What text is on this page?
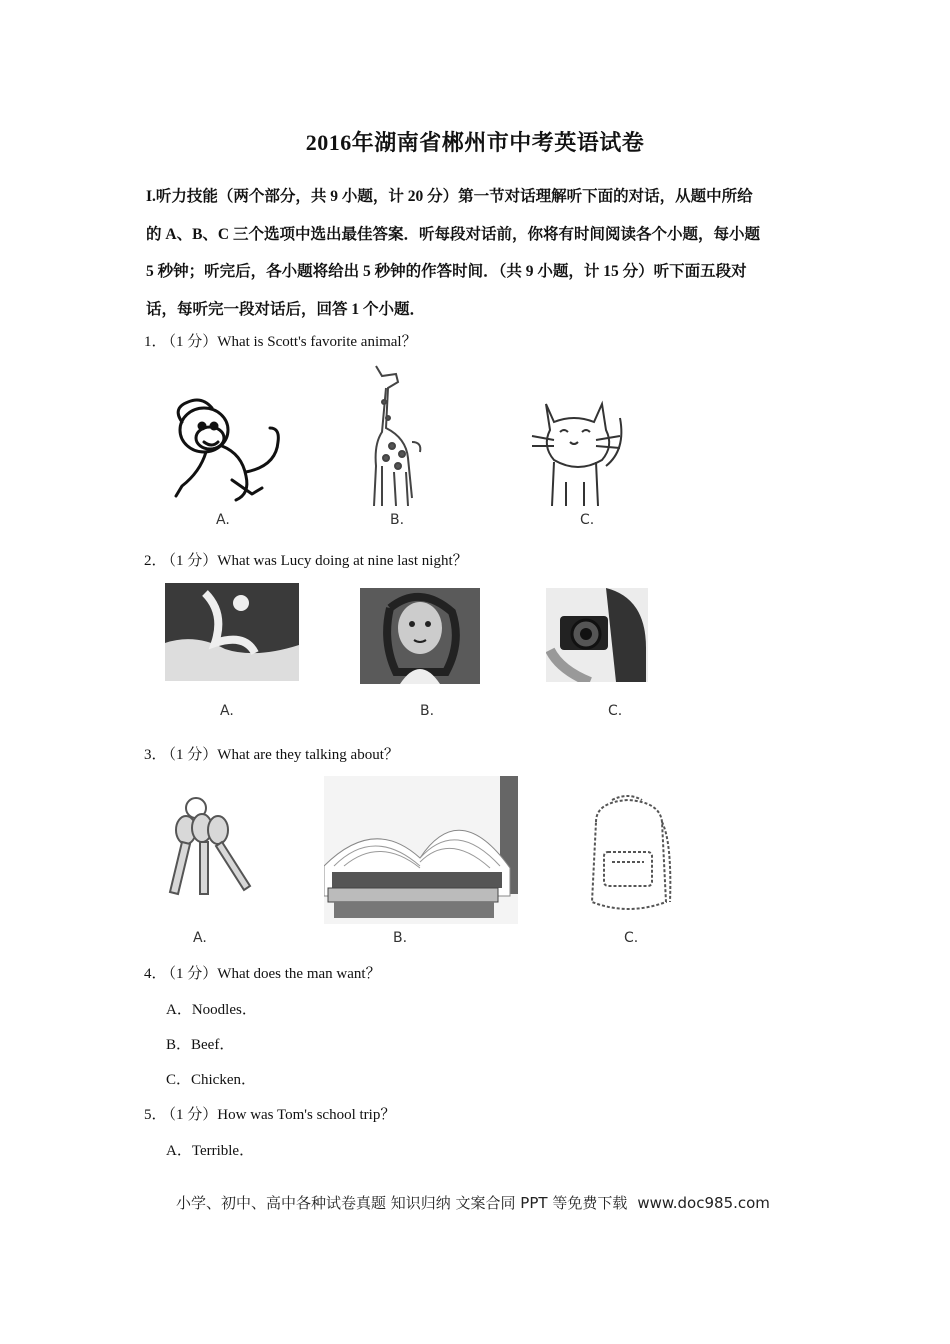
2016年湖南省郴州市中考英语试卷
I.听力技能（两个部分，共 9 小题，计 20 分）第一节对话理解听下面的对话，从题中所给
的 A、B、C 三个选项中选出最佳答案．听每段对话前，你将有时间阅读各个小题，每小题
5 秒钟；听完后，各小题将给出 5 秒钟的作答时间．（共 9 小题，计 15 分）听下面五段对
话，每听完一段对话后，回答 1 个小题．
1． （1 分）What is Scott's favorite animal？
A.	B.	C.
2． （1 分）What was Lucy doing at nine last night？
A.	B.	C.
3． （1 分）What are they talking about？
A.	B.	C.
4． （1 分）What does the man want？
A．Noodles．
B．Beef．
C．Chicken．
5． （1 分）How was Tom's school trip？
A．Terrible．
小学、初中、高中各种试卷真题 知识归纳 文案合同 PPT 等免费下载 www.doc985.com
